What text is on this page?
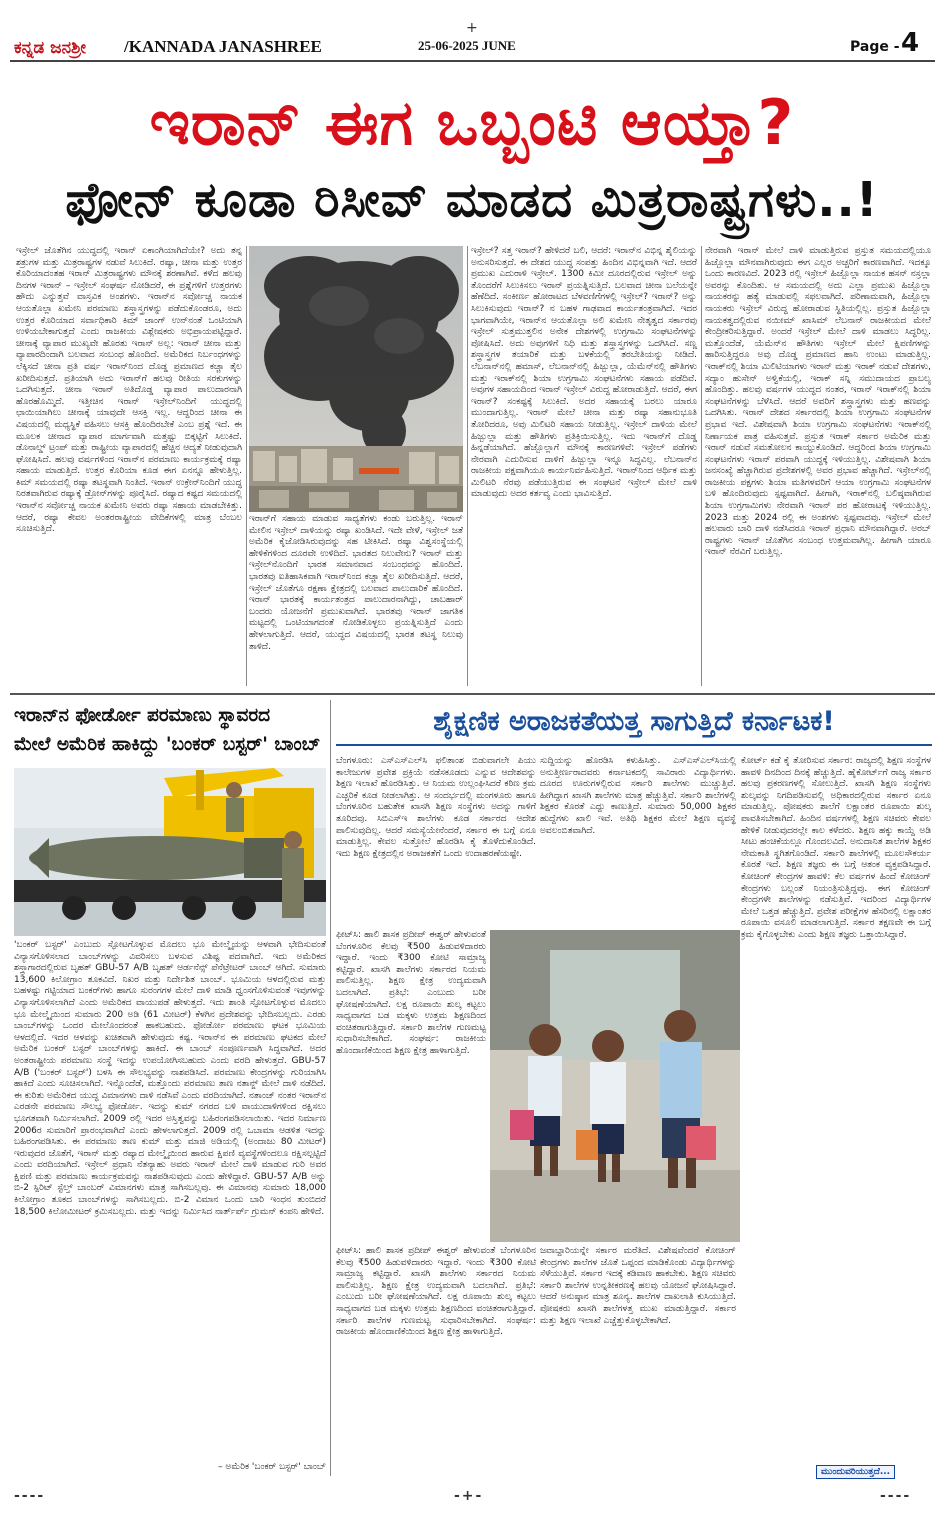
+
ಕನ್ನಡ ಜನಶ್ರೀ /KANNADA JANASHREE	25-06-2025 JUNE	Page - 4
ಇರಾನ್ ಈಗ ಒಬ್ಬಂಟಿ ಆಯ್ತಾ?
ಫೋನ್ ಕೂಡಾ ರಿಸೀವ್ ಮಾಡದ ಮಿತ್ರರಾಷ್ಟ್ರಗಳು..!
ಇಸ್ರೇಲ್ ಜೊತೆಗಿನ ಯುದ್ಧದಲ್ಲಿ ಇರಾನ್ ಏಕಾಂಗಿಯಾಗಿದೆಯೇ? ಅದು ತನ್ನ ಶತ್ರುಗಳ ಮತ್ತು ಮಿತ್ರರಾಷ್ಟ್ರಗಳ ನಡುವೆ ಸಿಲುಕಿದೆ. ರಷ್ಯಾ, ಚೀನಾ ಮತ್ತು ಉತ್ತರ ಕೊರಿಯಾದಂತಹ ಇರಾನ್ ಮಿತ್ರರಾಷ್ಟ್ರಗಳು ಮೌನಕ್ಕೆ ಶರಣಾಗಿವೆ. ಕಳೆದ ಹಲವು ದಿನಗಳ ಇರಾನ್ – ಇಸ್ರೇಲ್ ಸಂಘರ್ಷ ನೋಡಿದರೆ, ಈ ಪ್ರಶ್ನೆಗಳಿಗೆ ಉತ್ತರಗಳು ಹೌದು ಎನ್ನುತ್ತವೆ ವಾಸ್ತವಿಕ ಅಂಶಗಳು. ಇರಾನ್‌ನ ಸರ್ವೋಚ್ಚ ನಾಯಕ ಆಯತೊಲ್ಲಾ ಖಮೇನಿ ಪರಮಾಣು ಶಸ್ತ್ರಾಸ್ತ್ರಗಳನ್ನು ಪಡೆದುಕೊಂಡರೂ, ಅದು ಉತ್ತರ ಕೊರಿಯಾದ ಸರ್ವಾಧಿಕಾರಿ ಕಿಮ್ ಜಾಂಗ್ ಉನ್‌ನಂತೆ ಒಂಟಿಯಾಗಿ ಉಳಿಯಬೇಕಾಗುತ್ತದೆ ಎಂದು ರಾಜಕೀಯ ವಿಶ್ಲೇಷಕರು ಅಭಿಪ್ರಾಯಪಟ್ಟಿದ್ದಾರೆ. ಚೀನಾಕ್ಕೆ ವ್ಯಾಪಾರ ಮುಖ್ಯವೇ ಹೊರತು ಇರಾನ್ ಅಲ್ಲ: ಇರಾನ್ ಚೀನಾ ಮತ್ತು ವ್ಯಾಪಾರದಿಂದಾಗಿ ಬಲವಾದ ಸಂಬಂಧ ಹೊಂದಿದೆ. ಅಮೆರಿಕದ ನಿರ್ಬಂಧಗಳನ್ನು ಲೆಕ್ಕಿಸದೆ ಚೀನಾ ಪ್ರತಿ ವರ್ಷ ಇರಾನ್‌ನಿಂದ ದೊಡ್ಡ ಪ್ರಮಾಣದ ಕಚ್ಚಾ ತೈಲ ಖರೀದಿಸುತ್ತದೆ. ಪ್ರತಿಯಾಗಿ ಅದು ಇರಾನ್‌ಗೆ ಹಲವು ರೀತಿಯ ಸರಕುಗಳನ್ನು ಒದಗಿಸುತ್ತದೆ. ಚೀನಾ ಇರಾನ್ ಅತಿದೊಡ್ಡ ವ್ಯಾಪಾರ ಪಾಲುದಾರನಾಗಿ ಹೊರಹೊಮ್ಮಿದೆ. ಇತ್ತೀಚಿನ ಇರಾನ್ ಇಸ್ರೇಲ್‌ನಿಂದಿಗೆ ಯುದ್ಧದಲ್ಲಿ ಛಾಯಿಯಾಗಿಲು ಚೀನಾಕ್ಕೆ ಯಾವುದೇ ಆಸಕ್ತಿ ಇಲ್ಲ. ಆದ್ದರಿಂದ ಚೀನಾ ಈ ವಿಷಯದಲ್ಲಿ ಮಧ್ಯಸ್ಥಿಕೆ ವಹಿಸಲು ಆಸಕ್ತಿ ಹೊಂದಿರಬೇಕೆ ಎಂಬ ಪ್ರಶ್ನೆ ಇದೆ. ಈ ಮೂಲಕ ಚೀನಾದ ವ್ಯಾಪಾರ ಮಾರ್ಗವಾಗಿ ಮತ್ತಷ್ಟು ಬಿಕ್ಕಟ್ಟಿಗೆ ಸಿಲುಕಿದೆ. ಡೊನಾಲ್ಡ್ ಟ್ರಂಪ್ ಮತ್ತು ರಾಷ್ಟ್ರೀಯ ವ್ಯಾಪಾರದಲ್ಲಿ ಹೆಚ್ಚಿನ ಆದ್ಯತೆ ನೀಡುವುದಾಗಿ ಘೋಷಿಸಿದೆ. ಹಲವು ವರ್ಷಗಳಿಂದ ಇರಾನ್‌ನ ಪರಮಾಣು ಕಾರ್ಯಕ್ರಮಕ್ಕೆ ರಷ್ಯಾ ಸಹಾಯ ಮಾಡುತ್ತಿದೆ. ಉತ್ತರ ಕೊರಿಯಾ ಕೂಡ ಈಗ ಏನನ್ನೂ ಹೇಳುತ್ತಿಲ್ಲ. ಕಿಮ್ ಸಮಯದಲ್ಲಿ ರಷ್ಯಾ ತಟಸ್ಥವಾಗಿ ನಿಂತಿದೆ. ಇರಾನ್ ಉಕ್ರೇನ್‌ನಿಂದಿಗೆ ಯುದ್ಧ ನಿರತವಾಗಿರುವ ರಷ್ಯಾಕ್ಕೆ ಡ್ರೋನ್‌ಗಳನ್ನು ಪೂರೈಸಿದೆ. ರಷ್ಯಾದ ಕಷ್ಟದ ಸಮಯದಲ್ಲಿ ಇರಾನ್‌ನ ಸರ್ವೋಚ್ಚ ನಾಯಕ ಖಮೇನಿ ಅವರು ರಷ್ಯಾ ಸಹಾಯ ಮಾಡಬೇಕಿತ್ತು. ಆದರೆ, ರಷ್ಯಾ ಕೇವಲ ಅಂತರರಾಷ್ಟ್ರೀಯ ವೇದಿಕೆಗಳಲ್ಲಿ ಮಾತ್ರ ಬೆಂಬಲ ಸೂಚಿಸುತ್ತಿದೆ.
ಇರಾನ್‌ಗೆ ಸಹಾಯ ಮಾಡುವ ಸಾಧ್ಯತೆಗಳು ಕಂಡು ಬರುತ್ತಿಲ್ಲ. ಇರಾನ್ ಮೇಲಿನ ಇಸ್ರೇಲ್ ದಾಳಿಯನ್ನು ರಷ್ಯಾ ಖಂಡಿಸಿದೆ. ಇದೇ ವೇಳೆ, ಇಸ್ರೇಲ್ ಜತೆ ಅಮೆರಿಕ ಕೈಜೋಡಿಸಿರುವುದನ್ನು ಸಹ ಟೀಕಿಸಿದೆ. ರಷ್ಯಾ ವಿಶ್ವಸಂಸ್ಥೆಯಲ್ಲಿ ಹೇಳಿಕೆಗಳಿಂದ ದೂರವೇ ಉಳಿದಿದೆ. ಭಾರತದ ನಿಲುವೇನು? ಇರಾನ್ ಮತ್ತು ಇಸ್ರೇಲ್‌ನೊಂದಿಗೆ ಭಾರತ ಸಮಾನವಾದ ಸಂಬಂಧವನ್ನು ಹೊಂದಿದೆ. ಭಾರತವು ಐತಿಹಾಸಿಕವಾಗಿ ಇರಾನ್‌ನಿಂದ ಕಚ್ಚಾ ತೈಲ ಖರೀದಿಸುತ್ತಿದೆ. ಆದರೆ, ಇಸ್ರೇಲ್ ಜೊತೆಗೂ ರಕ್ಷಣಾ ಕ್ಷೇತ್ರದಲ್ಲಿ ಬಲವಾದ ಪಾಲುದಾರಿಕೆ ಹೊಂದಿದೆ. ಇರಾನ್ ಭಾರತಕ್ಕೆ ಕಾರ್ಯತಂತ್ರದ ಪಾಲುದಾರನಾಗಿದ್ದು, ಚಾಬಹಾರ್ ಬಂದರು ಯೋಜನೆಗೆ ಪ್ರಮುಖವಾಗಿದೆ. ಭಾರತವು ಇರಾನ್ ಜಾಗತಿಕ ಮಟ್ಟದಲ್ಲಿ ಒಂಟಿಯಾಗದಂತೆ ನೋಡಿಕೊಳ್ಳಲು ಪ್ರಯತ್ನಿಸುತ್ತಿದೆ ಎಂದು ಹೇಳಲಾಗುತ್ತಿದೆ. ಆದರೆ, ಯುದ್ಧದ ವಿಷಯದಲ್ಲಿ ಭಾರತ ತಟಸ್ಥ ನಿಲುವು ತಾಳಿದೆ.
ಇಸ್ರೇಲ್? ಸತ್ತ ಇರಾನ್? ಹೇಳಿದರೆ ಬಲಿ, ಆದರೆ: ಇರಾನ್‌ನ ವಿಭಿನ್ನ ಶೈಲಿಯನ್ನು ಅನುಸರಿಸುತ್ತದೆ. ಈ ದೇಶದ ಯುದ್ಧ ಸಂಪತ್ತು ಹಿಂದಿನ ವಿಭಿನ್ನವಾಗಿ ಇದೆ. ಆದರೆ ಪ್ರಮುಖ ಎದುರಾಳಿ ಇಸ್ರೇಲ್. 1300 ಕಿಮೀ ದೂರದಲ್ಲಿರುವ ಇಸ್ರೇಲ್ ಅನ್ನು ತೊಂದರೆಗೆ ಸಿಲುಕಿಸಲು ಇರಾನ್ ಪ್ರಯತ್ನಿಸುತ್ತಿದೆ. ಬಲವಾದ ಚೀನಾ ಬಲೆಯನ್ನೇ ಹೆಣೆದಿದೆ. ಸಂಕೀರ್ಣ ಹೋರಾಟದ ಬೆಳವಣಿಗೆಗಳಲ್ಲಿ ಇಸ್ರೇಲ್? ಇರಾನ್? ಅನ್ನು ಸಿಲುಕಿಸುವುದು ಇರಾನ್? ನ ಬಹಳ ಗಾಢವಾದ ಕಾರ್ಯತಂತ್ರವಾಗಿದೆ. ಇದರ ಭಾಗವಾಗಿಯೇ, ಇರಾನ್‌ನ ಆಯತೊಲ್ಲಾ ಅಲಿ ಖಮೇನಿ ನೇತೃತ್ವದ ಸರ್ಕಾರವು ಇಸ್ರೇಲ್ ಸುತ್ತಮುತ್ತಲಿನ ಅನೇಕ ದೇಶಗಳಲ್ಲಿ ಉಗ್ರಗಾಮಿ ಸಂಘಟನೆಗಳನ್ನು ಪೋಷಿಸಿದೆ. ಅದು ಅವುಗಳಿಗೆ ನಿಧಿ ಮತ್ತು ಶಸ್ತ್ರಾಸ್ತ್ರಗಳನ್ನು ಒದಗಿಸಿದೆ. ಸಣ್ಣ ಶಸ್ತ್ರಾಸ್ತ್ರಗಳ ತಯಾರಿಕೆ ಮತ್ತು ಬಳಕೆಯಲ್ಲಿ ತರಬೇತಿಯನ್ನು ನೀಡಿದೆ. ಲೆಬನಾನ್‌ನಲ್ಲಿ ಹಮಾಸ್, ಲೆಬನಾನ್‌ನಲ್ಲಿ ಹಿಜ್ಬುಲ್ಲಾ, ಯೆಮೆನ್‌ನಲ್ಲಿ ಹೌತಿಗಳು ಮತ್ತು ಇರಾಕ್‌ನಲ್ಲಿ ಶಿಯಾ ಉಗ್ರಗಾಮಿ ಸಂಘಟನೆಗಳು ಸಹಾಯ ಪಡೆದಿವೆ. ಅವುಗಳ ಸಹಾಯದಿಂದ ಇರಾನ್ ಇಸ್ರೇಲ್ ವಿರುದ್ಧ ಹೋರಾಡುತ್ತಿದೆ. ಆದರೆ, ಈಗ ಇರಾನ್? ಸಂಕಷ್ಟಕ್ಕೆ ಸಿಲುಕಿದೆ. ಅದರ ಸಹಾಯಕ್ಕೆ ಬರಲು ಯಾರೂ ಮುಂದಾಗುತ್ತಿಲ್ಲ. ಇರಾನ್ ಮೇಲೆ ಚೀನಾ ಮತ್ತು ರಷ್ಯಾ ಸಹಾನುಭೂತಿ ತೋರಿದರೂ, ಅವು ಮಿಲಿಟರಿ ಸಹಾಯ ನೀಡುತ್ತಿಲ್ಲ. ಇಸ್ರೇಲ್ ದಾಳಿಯ ಮೇಲೆ ಹಿಜ್ಬುಲ್ಲಾ ಮತ್ತು ಹೌತಿಗಳು ಪ್ರತಿಕ್ರಿಯಿಸುತ್ತಿಲ್ಲ. ಇದು ಇರಾನ್‌ಗೆ ದೊಡ್ಡ ಹಿನ್ನಡೆಯಾಗಿದೆ. ಹೆಜ್ಬೊಲ್ಲಾಗೆ ಮೌನಕ್ಕೆ ಕಾರಣಗಳಿವೆ: ಇಸ್ರೇಲ್ ಪಡೆಗಳು ನೇರವಾಗಿ ಎದುರಿಸುವ ದಾಳಿಗೆ ಹಿಜ್ಬುಲ್ಲಾ ಇನ್ನೂ ಸಿದ್ಧವಿಲ್ಲ. ಲೆಬನಾನ್‌ನ ರಾಜಕೀಯ ಪಕ್ಷವಾಗಿಯೂ ಕಾರ್ಯನಿರ್ವಹಿಸುತ್ತಿದೆ. ಇರಾನ್‌ನಿಂದ ಆರ್ಥಿಕ ಮತ್ತು ಮಿಲಿಟರಿ ನೆರವು ಪಡೆಯುತ್ತಿರುವ ಈ ಸಂಘಟನೆ ಇಸ್ರೇಲ್ ಮೇಲೆ ದಾಳಿ ಮಾಡುವುದು ಅದರ ಕರ್ತವ್ಯ ಎಂದು ಭಾವಿಸುತ್ತಿದೆ.
ನೇರವಾಗಿ ಇರಾನ್ ಮೇಲೆ ದಾಳಿ ಮಾಡುತ್ತಿರುವ ಪ್ರಸ್ತುತ ಸಮಯದಲ್ಲಿಯೂ ಹಿಜ್ಬೊಲ್ಲಾ ಮೌನವಾಗಿರುವುದು ಈಗ ಎಲ್ಲರ ಅಚ್ಚರಿಗೆ ಕಾರಣವಾಗಿದೆ. ಇದಕ್ಕೂ ಒಂದು ಕಾರಣವಿದೆ. 2023 ರಲ್ಲಿ ಇಸ್ರೇಲ್ ಹಿಜ್ಬೊಲ್ಲಾ ನಾಯಕ ಹಸನ್ ನಸ್ರಲ್ಲಾ ಅವರನ್ನು ಕೊಂದಿತು. ಆ ಸಮಯದಲ್ಲಿ ಅದು ಎಲ್ಲಾ ಪ್ರಮುಖ ಹಿಜ್ಬೊಲ್ಲಾ ನಾಯಕರನ್ನು ಹತ್ಯೆ ಮಾಡುವಲ್ಲಿ ಸಫಲವಾಗಿದೆ. ಪರಿಣಾಮವಾಗಿ, ಹಿಜ್ಬೊಲ್ಲಾ ನಾಯಕರು ಇಸ್ರೇಲ್ ವಿರುದ್ಧ ಹೋರಾಡುವ ಸ್ಥಿತಿಯಲ್ಲಿಲ್ಲ. ಪ್ರಸ್ತುತ ಹಿಜ್ಬೊಲ್ಲಾ ನಾಯಕತ್ವದಲ್ಲಿರುವ ನಯೀಮ್ ಖಾಸಿಮ್ ಲೆಬನಾನ್ ರಾಜಕೀಯದ ಮೇಲೆ ಕೇಂದ್ರೀಕರಿಸುತ್ತಿದ್ದಾರೆ. ಅಂದರೆ ಇಸ್ರೇಲ್ ಮೇಲೆ ದಾಳಿ ಮಾಡಲು ಸಿದ್ಧರಿಲ್ಲ. ಮತ್ತೊಂದೆಡೆ, ಯೆಮೆನ್‌ನ ಹೌತಿಗಳು ಇಸ್ರೇಲ್ ಮೇಲೆ ಕ್ಷಿಪಣಿಗಳನ್ನು ಹಾರಿಸುತ್ತಿದ್ದರೂ ಅವು ದೊಡ್ಡ ಪ್ರಮಾಣದ ಹಾನಿ ಉಂಟು ಮಾಡುತ್ತಿಲ್ಲ. ಇರಾಕ್‌ನಲ್ಲಿ ಶಿಯಾ ಮಿಲಿಟಿಯಾಗಳು ಇರಾನ್ ಮತ್ತು ಇರಾಕ್ ನಡುವೆ ದೇಶಗಳು, ಸದ್ಯಾಂ ಹುಸೇನ್ ಅಳ್ವಿಕೆಯಲ್ಲಿ, ಇರಾಕ್ ಸನ್ನಿ ಸಮುದಾಯದ ಪ್ರಾಬಲ್ಯ ಹೊಂದಿತ್ತು. ಹಲವು ವರ್ಷಗಳ ಯುದ್ಧದ ನಂತರ, ಇರಾನ್ ಇರಾಕ್‌ನಲ್ಲಿ ಶಿಯಾ ಸಂಘಟನೆಗಳನ್ನು ಬೆಳೆಸಿದೆ. ಆದರೆ ಅವರಿಗೆ ಶಸ್ತ್ರಾಸ್ತ್ರಗಳು ಮತ್ತು ಹಣವನ್ನು ಒದಗಿಸಿತು. ಇರಾನ್ ದೇಶದ ಸರ್ಕಾರದಲ್ಲಿ ಶಿಯಾ ಉಗ್ರಗಾಮಿ ಸಂಘಟನೆಗಳ ಪ್ರಭಾವ ಇದೆ. ವಿಶೇಷವಾಗಿ ಶಿಯಾ ಉಗ್ರಗಾಮಿ ಸಂಘಟನೆಗಳು ಇರಾಕ್‌ನಲ್ಲಿ ನಿರ್ಣಾಯಕ ಪಾತ್ರ ವಹಿಸುತ್ತವೆ. ಪ್ರಸ್ತುತ ಇರಾಕ್ ಸರ್ಕಾರ ಅಮೆರಿಕ ಮತ್ತು ಇರಾನ್ ನಡುವೆ ಸಮತೋಲನ ಕಾಯ್ದುಕೊಂಡಿದೆ. ಆದ್ದರಿಂದ ಶಿಯಾ ಉಗ್ರಗಾಮಿ ಸಂಘಟನೆಗಳು ಇರಾನ್ ಪರವಾಗಿ ಯುದ್ಧಕ್ಕೆ ಇಳಿಯುತ್ತಿಲ್ಲ. ವಿಶೇಷವಾಗಿ ಶಿಯಾ ಜನಸಂಖ್ಯೆ ಹೆಚ್ಚಾಗಿರುವ ಪ್ರದೇಶಗಳಲ್ಲಿ ಅವರ ಪ್ರಭಾವ ಹೆಚ್ಚಾಗಿದೆ. ಇಸ್ರೇಲ್‌ನಲ್ಲಿ ರಾಜಕೀಯ ಪಕ್ಷಗಳು ಶಿಯಾ ಮತಿಗಳವರಿಗೆ ಆಯಾ ಉಗ್ರಗಾಮಿ ಸಂಘಟನೆಗಳ ಬಳಿ ಹೊಂದಿರುವುದು ಸ್ಪಷ್ಟವಾಗಿದೆ. ಹೀಗಾಗಿ, ಇರಾಕ್‌ನಲ್ಲಿ ಬಲಿಷ್ಠವಾಗಿರುವ ಶಿಯಾ ಉಗ್ರಗಾಮಿಗಳು ನೇರವಾಗಿ ಇರಾನ್ ಪರ ಹೋರಾಟಕ್ಕೆ ಇಳಿಯುತ್ತಿಲ್ಲ. 2023 ಮತ್ತು 2024 ರಲ್ಲಿ ಈ ಅಂಶಗಳು ಸ್ಪಷ್ಟವಾದವು. ಇಸ್ರೇಲ್ ಮೇಲೆ ಹಲವಾರು ಬಾರಿ ದಾಳಿ ನಡೆಸಿದರೂ ಇರಾನ್ ಪ್ರಧಾನಿ ಮೌನವಾಗಿದ್ದಾರೆ. ಅರಬ್ ರಾಷ್ಟ್ರಗಳು ಇರಾನ್ ಜೊತೆಗಿನ ಸಂಬಂಧ ಉತ್ತಮವಾಗಿಲ್ಲ. ಹೀಗಾಗಿ ಯಾರೂ ಇರಾನ್ ನೆರವಿಗೆ ಬರುತ್ತಿಲ್ಲ.
ಇರಾನ್‌ನ ಫೋರ್ಡೋ ಪರಮಾಣು ಸ್ಥಾವರದ
ಮೇಲೆ ಅಮೆರಿಕ ಹಾಕಿದ್ದು 'ಬಂಕರ್ ಬಸ್ಟರ್' ಬಾಂಬ್
'ಬಂಕರ್ ಬಸ್ಟರ್' ಎಂಬುದು ಸ್ಫೋಟಗೊಳ್ಳುವ ಮೊದಲು ಭೂ ಮೇಲ್ಮೈಯನ್ನು ಆಳವಾಗಿ ಭೇದಿಸುವಂತೆ ವಿನ್ಯಾಸಗೊಳಿಸಲಾದ ಬಾಂಬ್‌ಗಳನ್ನು ವಿವರಿಸಲು ಬಳಸುವ ವಿಶಿಷ್ಟ ಪದವಾಗಿದೆ. ಇದು ಅಮೆರಿಕದ ಶಸ್ತ್ರಾಗಾರದಲ್ಲಿರುವ ಬೃಹತ್ GBU-57 A/B ಬೃಹತ್ ಆರ್ಡನೆನ್ಸ್ ಪೆನೆಟ್ರೇಟರ್ ಬಾಂಬ್ ಆಗಿದೆ. ಸುಮಾರು 13,600 ಕಿಲೋಗ್ರಾಂ ತೂಕವಿದೆ. ನಿಖರ ಮತ್ತು ನಿರ್ದೇಶಿತ ಬಾಂಬ್. ಭೂಮಿಯ ಆಳದಲ್ಲಿರುವ ಮತ್ತು ಬಹಳಷ್ಟು ಗಟ್ಟಿಯಾದ ಬಂಕರ್‌ಗಳು ಹಾಗೂ ಸುರಂಗಗಳ ಮೇಲೆ ದಾಳಿ ಮಾಡಿ ಧ್ವಂಸಗೊಳಿಸುವಂತೆ ಇವುಗಳನ್ನು ವಿನ್ಯಾಸಗೊಳಿಸಲಾಗಿದೆ ಎಂದು ಅಮೆರಿಕದ ವಾಯುಪಡೆ ಹೇಳುತ್ತದೆ. ಇದು ಶಾಂತಿ ಸ್ಫೋಟಗೊಳ್ಳುವ ಮೊದಲು ಭೂ ಮೇಲ್ಮೈಯಿಂದ ಸುಮಾರು 200 ಅಡಿ (61 ಮೀಟರ್) ಕೆಳಗಿನ ಪ್ರದೇಶವನ್ನು ಭೇದಿಸಬಲ್ಲದು. ಎರಡು ಬಾಂಬ್‌ಗಳನ್ನು ಒಂದರ ಮೇಲೊಂದರಂತೆ ಹಾಕಬಹುದು. ಫೋರ್ಡೋ ಪರಮಾಣು ಘಟಕ ಭೂಮಿಯ ಆಳದಲ್ಲಿದೆ. ಇದರ ಆಳವನ್ನು ಖಚಿತವಾಗಿ ಹೇಳುವುದು ಕಷ್ಟ. ಇರಾನ್‌ನ ಈ ಪರಮಾಣು ಘಟಕದ ಮೇಲೆ ಅಮೆರಿಕ ಬಂಕರ್ ಬಸ್ಟರ್ ಬಾಂಬ್‌ಗಳನ್ನು ಹಾಕಿದೆ. ಈ ಬಾಂಬ್ ಸಂಪೂರ್ಣವಾಗಿ ಸಿದ್ಧವಾಗಿದೆ. ಅದರ ಅಂತರಾಷ್ಟ್ರೀಯ ಪರಮಾಣು ಸಂಸ್ಥೆ ಇದನ್ನು ಉಪಯೋಗಿಸಬಹುದು ಎಂದು ವರದಿ ಹೇಳುತ್ತದೆ. GBU-57 A/B ('ಬಂಕರ್ ಬಸ್ಟರ್') ಬಳಸಿ ಈ ಸೌಲಭ್ಯವನ್ನು ನಾಶಪಡಿಸಿದೆ. ಪರಮಾಣು ಕೇಂದ್ರಗಳನ್ನು ಗುರಿಯಾಗಿಸಿ ಹಾಕಿದೆ ಎಂದು ಸೂಚಿಸಲಾಗಿದೆ. ಇನ್ನೊಂದೆಡೆ, ಮತ್ತೊಂದು ಪರಮಾಣು ತಾಣ ನತಾನ್ಜ್ ಮೇಲೆ ದಾಳಿ ನಡೆದಿದೆ. ಈ ಕುರಿತು ಅಮೆರಿಕದ ಯುದ್ಧ ವಿಮಾನಗಳು ದಾಳಿ ನಡೆಸಿವೆ ಎಂದು ವರದಿಯಾಗಿದೆ. ನತಾಂಜ್ ನಂತರ ಇರಾನ್‌ನ ಎರಡನೇ ಪರಮಾಣು ಸೌಲಭ್ಯ ಫೋರ್ಡೋ. ಇದನ್ನು ಕುಮ್ ನಗರದ ಬಳಿ ವಾಯುದಾಳಿಗಳಿಂದ ರಕ್ಷಿಸಲು ಭೂಗತವಾಗಿ ನಿರ್ಮಿಸಲಾಗಿದೆ. 2009 ರಲ್ಲಿ ಇದರ ಅಸ್ತಿತ್ವವನ್ನು ಬಹಿರಂಗಪಡಿಸಲಾಯಿತು. ಇದರ ನಿರ್ಮಾಣ 2006ರ ಸುಮಾರಿಗೆ ಪ್ರಾರಂಭವಾಗಿದೆ ಎಂದು ಹೇಳಲಾಗುತ್ತದೆ. 2009 ರಲ್ಲಿ ಒಬಾಮಾ ಆಡಳಿತ ಇದನ್ನು ಬಹಿರಂಗಪಡಿಸಿತು. ಈ ಪರಮಾಣು ತಾಣ ಕುಮ್ ಮತ್ತು ಮಾಜಿ ಅಡಿಯಲ್ಲಿ (ಅಂದಾಜು 80 ಮೀಟರ್) ಇರುವುದರ ಜೊತೆಗೆ, ಇರಾನ್ ಮತ್ತು ರಷ್ಯಾದ ಮೇಲ್ಮೈಯಿಂದ ಹಾರುವ ಕ್ಷಿಪಣಿ ವ್ಯವಸ್ಥೆಗಳಿಂದಲೂ ರಕ್ಷಿಸಲ್ಪಟ್ಟಿದೆ ಎಂದು ವರದಿಯಾಗಿದೆ. ಇಸ್ರೇಲ್ ಪ್ರಧಾನಿ ನೆತನ್ಯಾಹು ಅವರು ಇರಾನ್ ಮೇಲೆ ದಾಳಿ ಮಾಡುವ ಗುರಿ ಅವರ ಕ್ಷಿಪಣಿ ಮತ್ತು ಪರಮಾಣು ಕಾರ್ಯಕ್ರಮವನ್ನು ನಾಶಪಡಿಸುವುದು ಎಂದು ಹೇಳಿದ್ದಾರೆ. GBU-57 A/B ಅನ್ನು ಬಿ-2 ಸ್ಪಿರಿಟ್ ಸ್ಟೆಲ್ತ್ ಬಾಂಬರ್ ವಿಮಾನಗಳು ಮಾತ್ರ ಸಾಗಿಸಬಲ್ಲವು. ಈ ವಿಮಾನವು ಸುಮಾರು 18,000 ಕಿಲೋಗ್ರಾಂ ತೂಕದ ಬಾಂಬ್‌ಗಳನ್ನು ಸಾಗಿಸಬಲ್ಲದು. ಬಿ-2 ವಿಮಾನ ಒಂದು ಬಾರಿ ಇಂಧನ ತುಂಬಿದರೆ 18,500 ಕಿಲೋಮೀಟರ್ ಕ್ರಮಿಸಬಲ್ಲದು. ಮತ್ತು ಇದನ್ನು ನಿರ್ಮಿಸಿದ ನಾರ್ತ್‌ರ್ಪ್ ಗ್ರುಮನ್ ಕಂಪನಿ ಹೇಳಿದೆ.
– ಅಮೆರಿಕ 'ಬಂಕರ್ ಬಸ್ಟರ್' ಬಾಂಬ್
ಶೈಕ್ಷಣಿಕ ಅರಾಜಕತೆಯತ್ತ ಸಾಗುತ್ತಿದೆ ಕರ್ನಾಟಕ!
ಬೆಂಗಳೂರು: ಎಸ್‌ಎಸ್‌ಎಲ್‌ಸಿ ಫಲಿತಾಂಶ ಬಿಡುವಾಗಲೇ ಪಿಯು ಕಾಲೇಜುಗಳ ಪ್ರವೇಶ ಪ್ರಕ್ರಿಯೆ ನಡೆಸಕೂಡದು ಎನ್ನುವ ಆದೇಶವನ್ನು ಶಿಕ್ಷಣ ಇಲಾಖೆ ಹೊರಡಿಸಿತ್ತು. ಆ ನಿಯಮ ಉಲ್ಲಂಘಿಸಿದರೆ ಕಠಿಣ ಕ್ರಮ ಎಚ್ಚರಿಕೆ ಕೂಡ ನೀಡಲಾಗಿತ್ತು. ಆ ಸಂದರ್ಭದಲ್ಲಿ ಮಂಗಳೂರು ಹಾಗೂ ಬೆಂಗಳೂರಿನ ಬಹುತೇಕ ಖಾಸಗಿ ಶಿಕ್ಷಣ ಸಂಸ್ಥೆಗಳು ಅದನ್ನು ಗಾಳಿಗೆ ತೂರಿದವು. ಸಿಬಿಎಸ್‌ಇ ಶಾಲೆಗಳು ಕೂಡ ಸರ್ಕಾರದ ಆದೇಶ ಪಾಲಿಸುವುದಿಲ್ಲ. ಆದರೆ ಸಮಸ್ಯೆಯೇನೆಂದರೆ, ಸರ್ಕಾರ ಈ ಬಗ್ಗೆ ಏನೂ ಮಾಡುತ್ತಿಲ್ಲ. ಕೇವಲ ಸುತ್ತೋಲೆ ಹೊರಡಿಸಿ ಕೈ ತೊಳೆದುಕೊಂಡಿದೆ. ಇದು ಶಿಕ್ಷಣ ಕ್ಷೇತ್ರದಲ್ಲಿನ ಅರಾಜಕತೆಗೆ ಒಂದು ಉದಾಹರಣೆಯಷ್ಟೇ.
ಸುದ್ದಿಯನ್ನು ಹೊರಡಿಸಿ ಕಳುಹಿಸಿತ್ತು. ಎಸ್‌ಎಸ್‌ಎಲ್‌ಸಿಯಲ್ಲಿ ಅನುತ್ತೀರ್ಣರಾದವರು ಕರ್ನಾಟಕದಲ್ಲಿ ಸಾವಿರಾರು ವಿದ್ಯಾರ್ಥಿಗಳು. ದೂರದ ಊರುಗಳಲ್ಲಿರುವ ಸರ್ಕಾರಿ ಶಾಲೆಗಳು ಮುಚ್ಚುತ್ತಿವೆ. ಹೀಗಿದ್ದಾಗ ಖಾಸಗಿ ಶಾಲೆಗಳು ಮಾತ್ರ ಹೆಚ್ಚುತ್ತಿವೆ. ಸರ್ಕಾರಿ ಶಾಲೆಗಳಲ್ಲಿ ಶಿಕ್ಷಕರ ಕೊರತೆ ಎದ್ದು ಕಾಣುತ್ತಿದೆ. ಸುಮಾರು 50,000 ಶಿಕ್ಷಕರ ಹುದ್ದೆಗಳು ಖಾಲಿ ಇವೆ. ಅತಿಥಿ ಶಿಕ್ಷಕರ ಮೇಲೆ ಶಿಕ್ಷಣ ವ್ಯವಸ್ಥೆ ಅವಲಂಬಿತವಾಗಿದೆ.
ಕೋರ್ಟ್ ಕಡೆ ಕೈ ತೋರಿಸುವ ಸರ್ಕಾರ: ರಾಜ್ಯದಲ್ಲಿ ಶಿಕ್ಷಣ ಸಂಸ್ಥೆಗಳ ಹಾವಳಿ ದಿನದಿಂದ ದಿನಕ್ಕೆ ಹೆಚ್ಚುತ್ತಿದೆ. ಹೈಕೋರ್ಟ್‌ಗೆ ರಾಜ್ಯ ಸರ್ಕಾರ ಹಲವು ಪ್ರಕರಣಗಳಲ್ಲಿ ಸೋಲುತ್ತಿದೆ. ಖಾಸಗಿ ಶಿಕ್ಷಣ ಸಂಸ್ಥೆಗಳು ಶುಲ್ಕವನ್ನು ನಿಗದಿಪಡಿಸುವಲ್ಲಿ ಅಧಿಕಾರದಲ್ಲಿರುವ ಸರ್ಕಾರ ಏನೂ ಮಾಡುತ್ತಿಲ್ಲ. ಪೋಷಕರು ಶಾಲೆಗೆ ಲಕ್ಷಾಂತರ ರೂಪಾಯಿ ಶುಲ್ಕ ಪಾವತಿಸಬೇಕಾಗಿದೆ. ಹಿಂದಿನ ವರ್ಷಗಳಲ್ಲಿ ಶಿಕ್ಷಣ ಸಚಿವರು ಕೇವಲ ಹೇಳಿಕೆ ನೀಡುವುದರಲ್ಲೇ ಕಾಲ ಕಳೆದರು. ಶಿಕ್ಷಣ ಹಕ್ಕು ಕಾಯ್ದೆ ಅಡಿ ಸೀಟು ಹಂಚಿಕೆಯಲ್ಲೂ ಗೊಂದಲವಿದೆ. ಅನುದಾನಿತ ಶಾಲೆಗಳ ಶಿಕ್ಷಕರ ನೇಮಕಾತಿ ಸ್ಥಗಿತಗೊಂಡಿದೆ. ಸರ್ಕಾರಿ ಶಾಲೆಗಳಲ್ಲಿ ಮೂಲಸೌಕರ್ಯ ಕೊರತೆ ಇದೆ. ಶಿಕ್ಷಣ ತಜ್ಞರು ಈ ಬಗ್ಗೆ ಆತಂಕ ವ್ಯಕ್ತಪಡಿಸಿದ್ದಾರೆ. ಕೋಚಿಂಗ್ ಕೇಂದ್ರಗಳ ಹಾವಳಿ: ಕೆಲ ವರ್ಷಗಳ ಹಿಂದೆ ಕೋಚಿಂಗ್ ಕೇಂದ್ರಗಳು ಬಲ್ಲಂತೆ ನಿಯಂತ್ರಿಸುತ್ತಿದ್ದವು. ಈಗ ಕೋಚಿಂಗ್ ಕೇಂದ್ರಗಳೇ ಶಾಲೆಗಳನ್ನು ನಡೆಸುತ್ತಿವೆ. ಇದರಿಂದ ವಿದ್ಯಾರ್ಥಿಗಳ ಮೇಲೆ ಒತ್ತಡ ಹೆಚ್ಚುತ್ತಿದೆ. ಪ್ರವೇಶ ಪರೀಕ್ಷೆಗಳ ಹೆಸರಿನಲ್ಲಿ ಲಕ್ಷಾಂತರ ರೂಪಾಯಿ ವಸೂಲಿ ಮಾಡಲಾಗುತ್ತಿದೆ. ಸರ್ಕಾರ ತಕ್ಷಣವೇ ಈ ಬಗ್ಗೆ ಕ್ರಮ ಕೈಗೊಳ್ಳಬೇಕು ಎಂದು ಶಿಕ್ಷಣ ತಜ್ಞರು ಒತ್ತಾಯಿಸಿದ್ದಾರೆ.
ಫೀಟ್‌ಸಿ: ಹಾಲಿ ಶಾಸಕ ಪ್ರದೀಪ್ ಈಶ್ವರ್ ಹೇಳುವಂತೆ ಬೆಂಗಳೂರಿನ ಕೆಲವು ₹500 ಹಿಡುವಳಿದಾರರು ಇದ್ದಾರೆ. ಇಂದು ₹300 ಕೋಟಿ ಸಾಮ್ರಾಜ್ಯ ಕಟ್ಟಿದ್ದಾರೆ. ಖಾಸಗಿ ಶಾಲೆಗಳು ಸರ್ಕಾರದ ನಿಯಮ ಪಾಲಿಸುತ್ತಿಲ್ಲ. ಶಿಕ್ಷಣ ಕ್ಷೇತ್ರ ಉದ್ಯಮವಾಗಿ ಬದಲಾಗಿದೆ. ಪ್ರತಿಭೆ: ಎಂಬುದು ಬರೀ ಘೋಷಣೆಯಾಗಿದೆ. ಲಕ್ಷ ರೂಪಾಯಿ ಶುಲ್ಕ ಕಟ್ಟಲು ಸಾಧ್ಯವಾಗದ ಬಡ ಮಕ್ಕಳು ಉತ್ತಮ ಶಿಕ್ಷಣದಿಂದ ವಂಚಿತರಾಗುತ್ತಿದ್ದಾರೆ. ಸರ್ಕಾರಿ ಶಾಲೆಗಳ ಗುಣಮಟ್ಟ ಸುಧಾರಿಸಬೇಕಾಗಿದೆ. ಸಂಘರ್ಷ: ರಾಜಕೀಯ ಹೊಂದಾಣಿಕೆಯಿಂದ ಶಿಕ್ಷಣ ಕ್ಷೇತ್ರ ಹಾಳಾಗುತ್ತಿದೆ.
ಫೀಟ್‌ಸಿ: ಹಾಲಿ ಶಾಸಕ ಪ್ರದೀಪ್ ಈಶ್ವರ್ ಹೇಳುವಂತೆ ಬೆಂಗಳೂರಿನ ಕೆಲವು ₹500 ಹಿಡುವಳಿದಾರರು ಇದ್ದಾರೆ. ಇಂದು ₹300 ಕೋಟಿ ಸಾಮ್ರಾಜ್ಯ ಕಟ್ಟಿದ್ದಾರೆ. ಖಾಸಗಿ ಶಾಲೆಗಳು ಸರ್ಕಾರದ ನಿಯಮ ಪಾಲಿಸುತ್ತಿಲ್ಲ. ಶಿಕ್ಷಣ ಕ್ಷೇತ್ರ ಉದ್ಯಮವಾಗಿ ಬದಲಾಗಿದೆ. ಪ್ರತಿಭೆ: ಎಂಬುದು ಬರೀ ಘೋಷಣೆಯಾಗಿದೆ. ಲಕ್ಷ ರೂಪಾಯಿ ಶುಲ್ಕ ಕಟ್ಟಲು ಸಾಧ್ಯವಾಗದ ಬಡ ಮಕ್ಕಳು ಉತ್ತಮ ಶಿಕ್ಷಣದಿಂದ ವಂಚಿತರಾಗುತ್ತಿದ್ದಾರೆ. ಸರ್ಕಾರಿ ಶಾಲೆಗಳ ಗುಣಮಟ್ಟ ಸುಧಾರಿಸಬೇಕಾಗಿದೆ. ಸಂಘರ್ಷ: ರಾಜಕೀಯ ಹೊಂದಾಣಿಕೆಯಿಂದ ಶಿಕ್ಷಣ ಕ್ಷೇತ್ರ ಹಾಳಾಗುತ್ತಿದೆ.
ಜವಾಬ್ದಾರಿಯನ್ನೇ ಸರ್ಕಾರ ಮರೆತಿದೆ. ವಿಶೇಷವೆಂದರೆ ಕೋಚಿಂಗ್ ಕೇಂದ್ರಗಳು ಶಾಲೆಗಳ ಜೊತೆ ಒಪ್ಪಂದ ಮಾಡಿಕೊಂಡು ವಿದ್ಯಾರ್ಥಿಗಳನ್ನು ಸೆಳೆಯುತ್ತಿವೆ. ಸರ್ಕಾರ ಇದಕ್ಕೆ ಕಡಿವಾಣ ಹಾಕಬೇಕು. ಶಿಕ್ಷಣ ಸಚಿವರು ಸರ್ಕಾರಿ ಶಾಲೆಗಳ ಉನ್ನತೀಕರಣಕ್ಕೆ ಹಲವು ಯೋಜನೆ ಘೋಷಿಸಿದ್ದಾರೆ. ಆದರೆ ಅನುಷ್ಠಾನ ಮಾತ್ರ ಶೂನ್ಯ. ಶಾಲೆಗಳ ದಾಖಲಾತಿ ಕುಸಿಯುತ್ತಿದೆ. ಪೋಷಕರು ಖಾಸಗಿ ಶಾಲೆಗಳತ್ತ ಮುಖ ಮಾಡುತ್ತಿದ್ದಾರೆ. ಸರ್ಕಾರ ಮತ್ತು ಶಿಕ್ಷಣ ಇಲಾಖೆ ಎಚ್ಚೆತ್ತುಕೊಳ್ಳಬೇಕಾಗಿದೆ.
ಮುಂದುವರಿಯುತ್ತದೆ...
----	-+-	----
